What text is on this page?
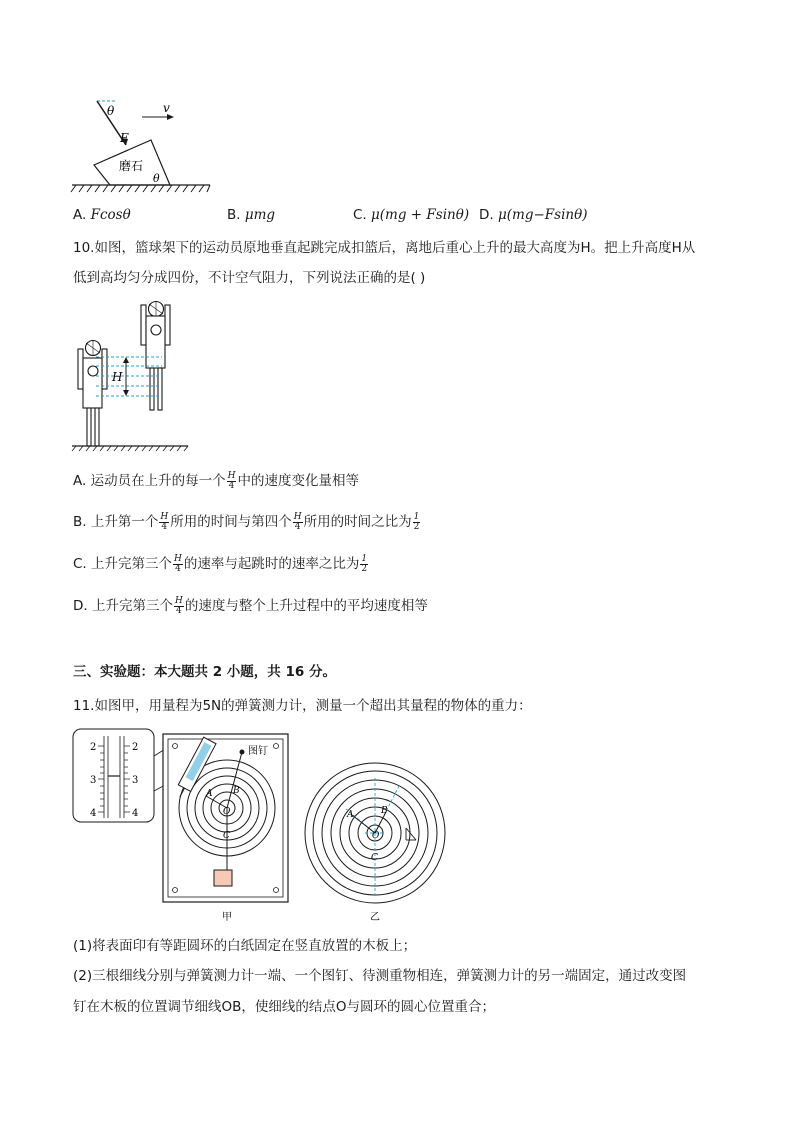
θ	v
F
磨石
θ
A. Fcosθ	B. μmg	C. μ(mg + Fsinθ) D. μ(mg−Fsinθ)
10.如图，篮球架下的运动员原地垂直起跳完成扣篮后，离地后重心上升的最大高度为H。把上升高度H从
低到高均匀分成四份，不计空气阻力，下列说法正确的是( )
H
A. 运动员在上升的每一个 $\frac{H}{4}$ 中的速度变化量相等
B. 上升第一个 $\frac{H}{4}$ 所用的时间与第四个 $\frac{H}{4}$ 所用的时间之比为 $\frac{1}{2}$
C. 上升完第三个 $\frac{H}{4}$ 的速率与起跳时的速率之比为 $\frac{1}{2}$
D. 上升完第三个 $\frac{H}{4}$ 的速度与整个上升过程中的平均速度相等
三、实验题：本大题共 2 小题，共 16 分。
11.如图甲，用量程为5N的弹簧测力计，测量一个超出其量程的物体的重力：
2
3
4
2
3
4
图钉
A B
O
C
甲
A	B
O
C
乙
(1)将表面印有等距圆环的白纸固定在竖直放置的木板上；
(2)三根细线分别与弹簧测力计一端、一个图钉、待测重物相连，弹簧测力计的另一端固定，通过改变图
钉在木板的位置调节细线OB，使细线的结点O与圆环的圆心位置重合；
